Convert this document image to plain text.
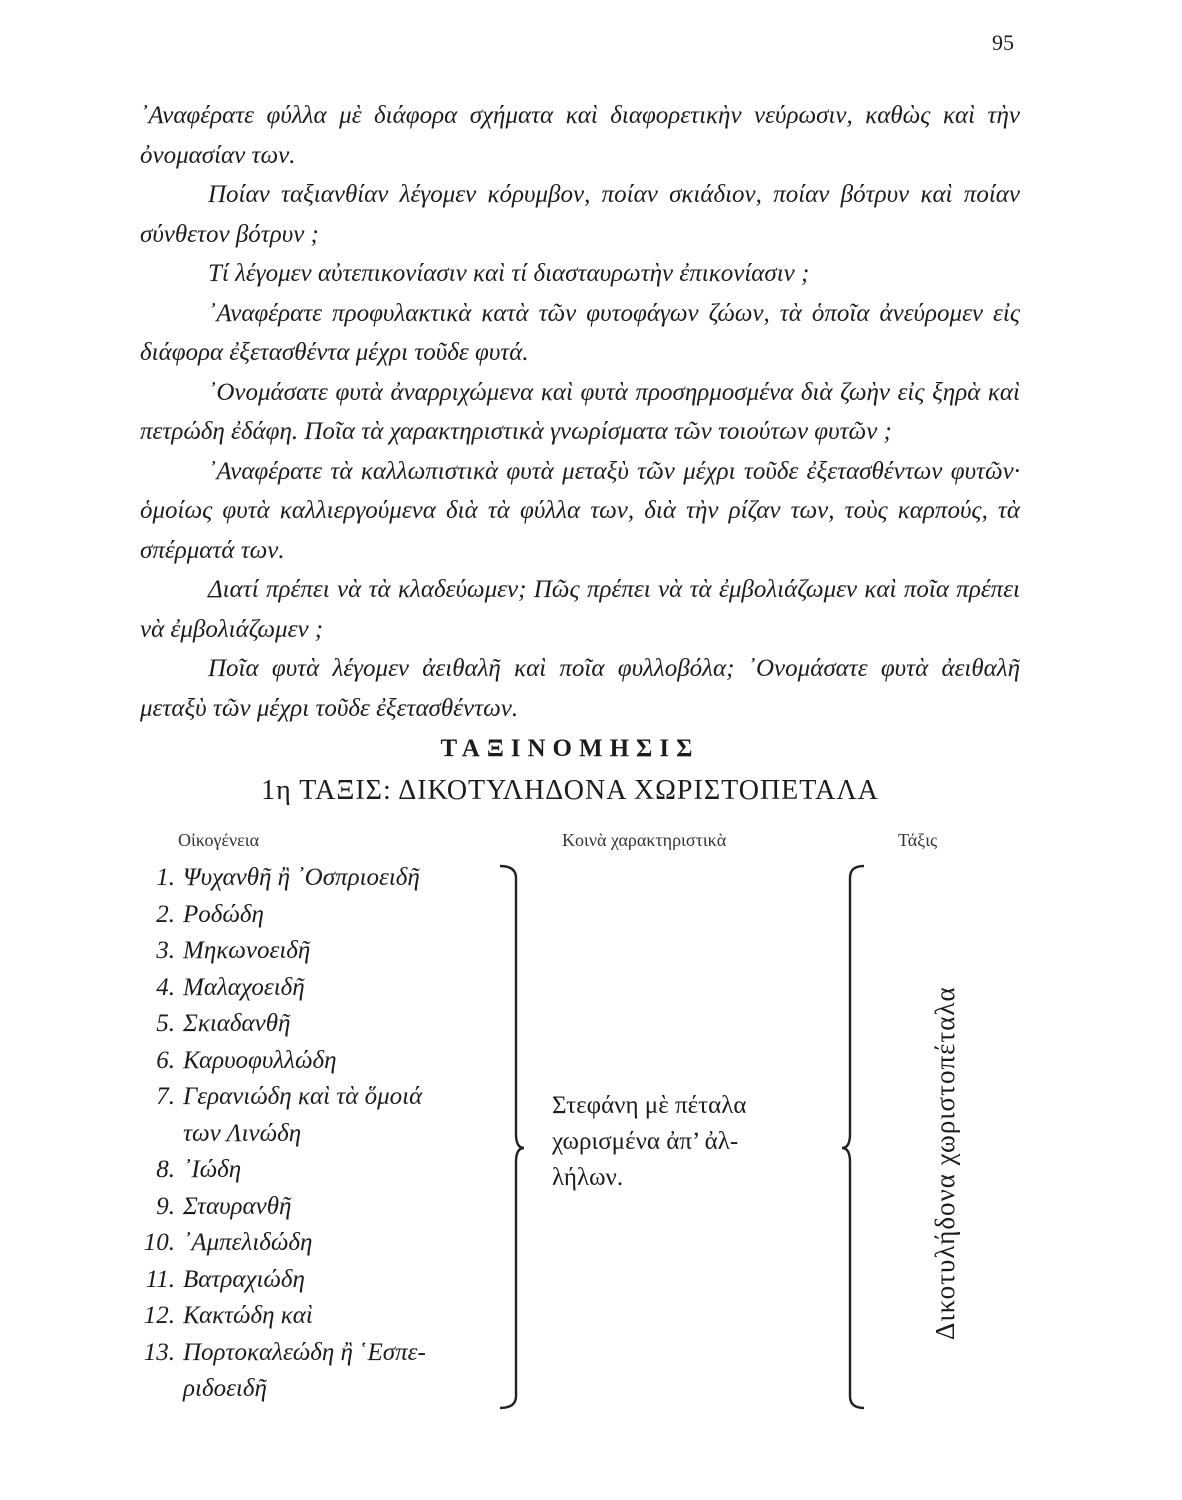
95

᾿Αναφέρατε φύλλα μὲ διάφορα σχήματα καὶ διαφορετικὴν νεύρωσιν, καθὼς καὶ τὴν ὀνομασίαν των.

Ποίαν ταξιανθίαν λέγομεν κόρυμβον, ποίαν σκιάδιον, ποίαν βότρυν καὶ ποίαν σύνθετον βότρυν ;

Τί λέγομεν αὐτεπικονίασιν καὶ τί διασταυρωτὴν ἐπικονίασιν ;

᾿Αναφέρατε προφυλακτικὰ κατὰ τῶν φυτοφάγων ζώων, τὰ ὁποῖα ἀνεύρομεν εἰς διάφορα ἐξετασθέντα μέχρι τοῦδε φυτά.

᾿Ονομάσατε φυτὰ ἀναρριχώμενα καὶ φυτὰ προσηρμοσμένα διὰ ζωὴν εἰς ξηρὰ καὶ πετρώδη ἐδάφη. Ποῖα τὰ χαρακτηριστικὰ γνωρίσματα τῶν τοιούτων φυτῶν ;

᾿Αναφέρατε τὰ καλλωπιστικὰ φυτὰ μεταξὺ τῶν μέχρι τοῦδε ἐξετασθέντων φυτῶν· ὁμοίως φυτὰ καλλιεργούμενα διὰ τὰ φύλλα των, διὰ τὴν ρίζαν των, τοὺς καρπούς, τὰ σπέρματά των.

Διατί πρέπει νὰ τὰ κλαδεύωμεν; Πῶς πρέπει νὰ τὰ ἐμβολιάζωμεν καὶ ποῖα πρέπει νὰ ἐμβολιάζωμεν ;

Ποῖα φυτὰ λέγομεν ἀειθαλῆ καὶ ποῖα φυλλοβόλα; ᾿Ονομάσατε φυτὰ ἀειθαλῆ μεταξὺ τῶν μέχρι τοῦδε ἐξετασθέντων.

ΤΑΞΙΝΟΜΗΣΙΣ
1η ΤΑΞΙΣ: ΔΙΚΟΤΥΛΗΔΟΝΑ ΧΩΡΙΣΤΟΠΕΤΑΛΑ
Οἰκογένεια	Κοινὰ χαρακτηριστικὰ	Τάξις
1. Ψυχανθῆ ἢ ᾿Οσπριοειδῆ
2. Ροδώδη
3. Μηκωνοειδῆ
4. Μαλαχοειδῆ
5. Σκιαδανθῆ
6. Καρυοφυλλώδη
7. Γερανιώδη καὶ τὰ ὅμοιά
των Λινώδη
8. ᾿Ιώδη
9. Σταυρανθῆ
10. ᾿Αμπελιδώδη
11. Βατραχιώδη
12. Κακτώδη καὶ
13. Πορτοκαλεώδη ἢ ῾Εσπε-
ριδοειδῆ
Στεφάνη μὲ πέταλα
χωρισμένα ἀπ’ ἀλ-
λήλων.	Δικοτυλήδονα χωριστοπέταλα
